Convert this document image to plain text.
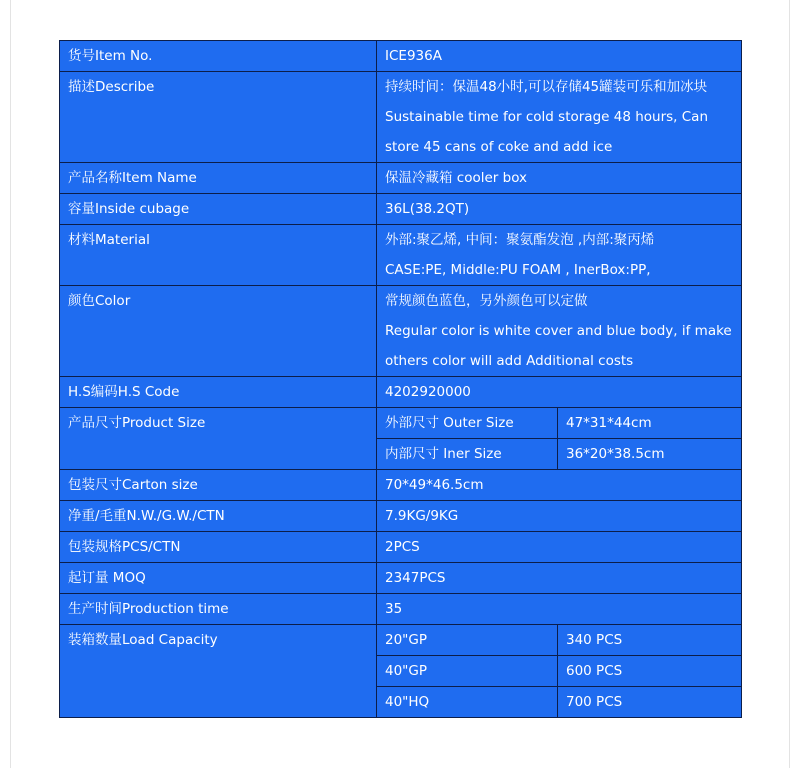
货号Item No.	ICE936A	
描述Describe	持续时间：保温48小时,可以存储45罐装可乐和加冰块
Sustainable time for cold storage 48 hours, Can
store 45 cans of coke and add ice	

产品名称Item Name	保温冷藏箱 cooler box	
容量Inside cubage	36L(38.2QT)	
材料Material	外部:聚乙烯, 中间：聚氨酯发泡 ,内部:聚丙烯
CASE:PE, Middle:PU FOAM , InerBox:PP,	

颜色Color	常规颜色蓝色，另外颜色可以定做
Regular color is white cover and blue body, if make
others color will add Additional costs	

H.S编码H.S Code	4202920000	
产品尺寸Product Size	外部尺寸 Outer Size	47*31*44cm
	内部尺寸 Iner Size	36*20*38.5cm
包装尺寸Carton size	70*49*46.5cm	
净重/毛重N.W./G.W./CTN	7.9KG/9KG	
包装规格PCS/CTN	2PCS	
起订量 MOQ	2347PCS	
生产时间Production time	35	
装箱数量Load Capacity	20"GP	340 PCS
	40"GP	600 PCS
	40"HQ	700 PCS
